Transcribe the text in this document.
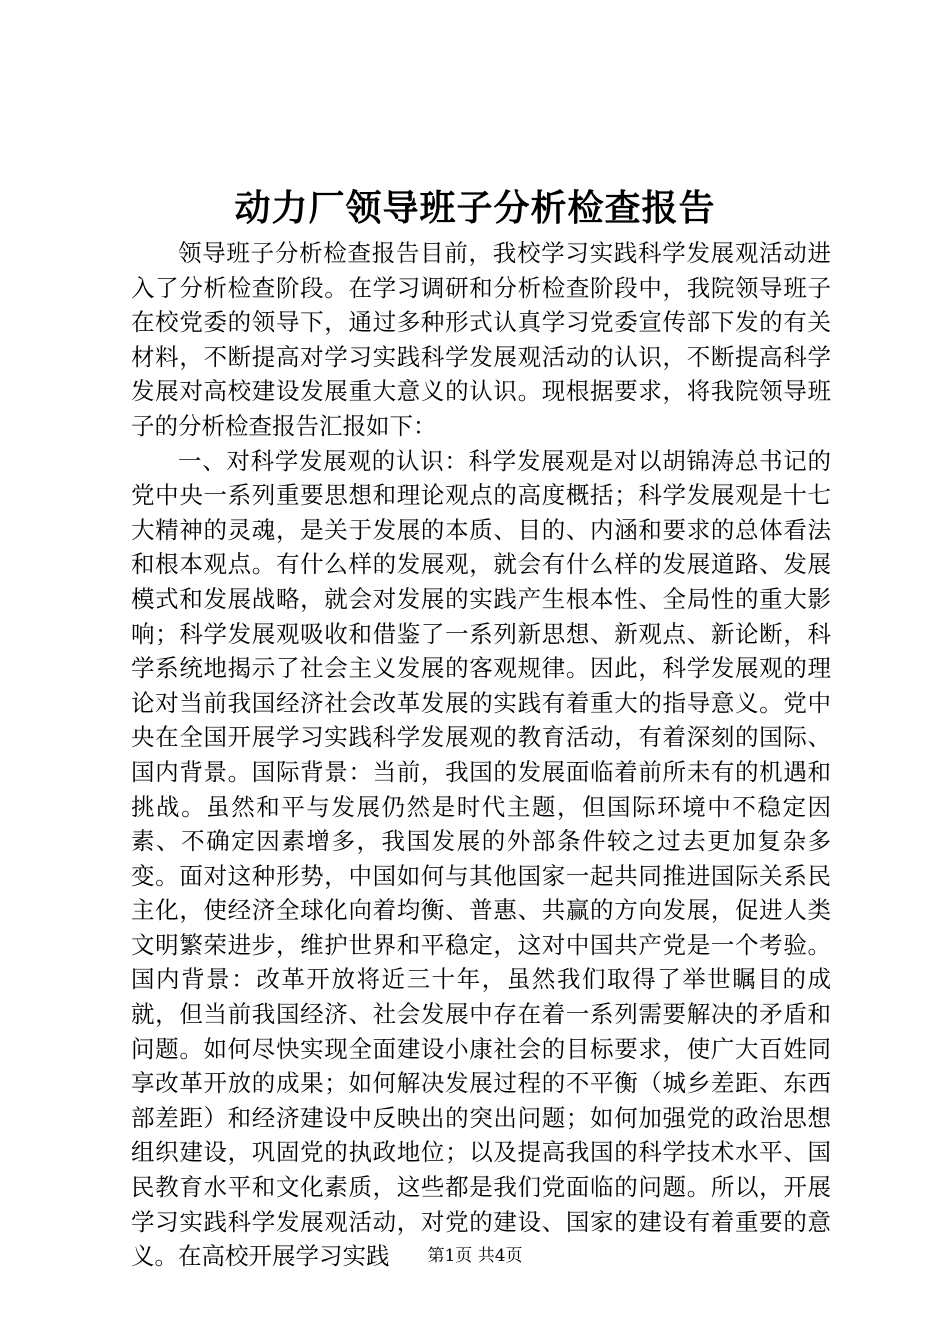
动力厂领导班子分析检查报告

领导班子分析检查报告目前，我校学习实践科学发展观活动进入了分析检查阶段。在学习调研和分析检查阶段中，我院领导班子在校党委的领导下，通过多种形式认真学习党委宣传部下发的有关材料，不断提高对学习实践科学发展观活动的认识，不断提高科学发展对高校建设发展重大意义的认识。现根据要求，将我院领导班子的分析检查报告汇报如下：

一、对科学发展观的认识：科学发展观是对以胡锦涛总书记的党中央一系列重要思想和理论观点的高度概括；科学发展观是十七大精神的灵魂，是关于发展的本质、目的、内涵和要求的总体看法和根本观点。有什么样的发展观，就会有什么样的发展道路、发展模式和发展战略，就会对发展的实践产生根本性、全局性的重大影响；科学发展观吸收和借鉴了一系列新思想、新观点、新论断，科学系统地揭示了社会主义发展的客观规律。因此，科学发展观的理论对当前我国经济社会改革发展的实践有着重大的指导意义。党中央在全国开展学习实践科学发展观的教育活动，有着深刻的国际、国内背景。国际背景：当前，我国的发展面临着前所未有的机遇和挑战。虽然和平与发展仍然是时代主题，但国际环境中不稳定因素、不确定因素增多，我国发展的外部条件较之过去更加复杂多变。面对这种形势，中国如何与其他国家一起共同推进国际关系民主化，使经济全球化向着均衡、普惠、共赢的方向发展，促进人类文明繁荣进步，维护世界和平稳定，这对中国共产党是一个考验。国内背景：改革开放将近三十年，虽然我们取得了举世瞩目的成就，但当前我国经济、社会发展中存在着一系列需要解决的矛盾和问题。如何尽快实现全面建设小康社会的目标要求，使广大百姓同享改革开放的成果；如何解决发展过程的不平衡（城乡差距、东西部差距）和经济建设中反映出的突出问题；如何加强党的政治思想组织建设，巩固党的执政地位；以及提高我国的科学技术水平、国民教育水平和文化素质，这些都是我们党面临的问题。所以，开展学习实践科学发展观活动，对党的建设、国家的建设有着重要的意义。在高校开展学习实践	第1页 共4页
